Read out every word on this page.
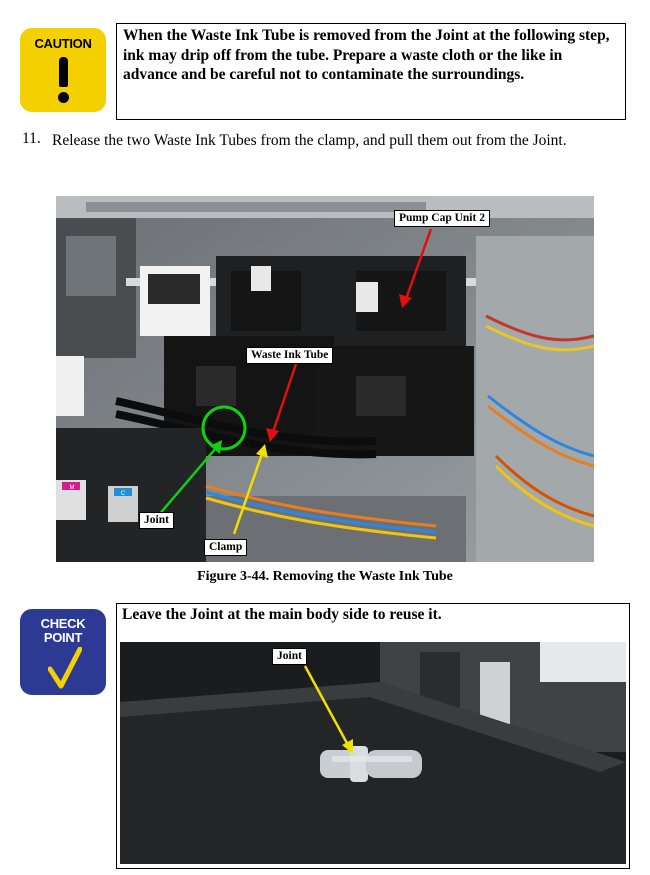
CAUTION	When the Waste Ink Tube is removed from the Joint at the following step, ink may drip off from the tube. Prepare a waste cloth or the like in advance and be careful not to contaminate the surroundings.
11. Release the two Waste Ink Tubes from the clamp, and pull them out from the Joint.
M
C
Pump Cap Unit 2
Waste Ink Tube
Joint
Clamp
Figure 3-44. Removing the Waste Ink Tube
CHECK
POINT
Leave the Joint at the main body side to reuse it.
Joint
